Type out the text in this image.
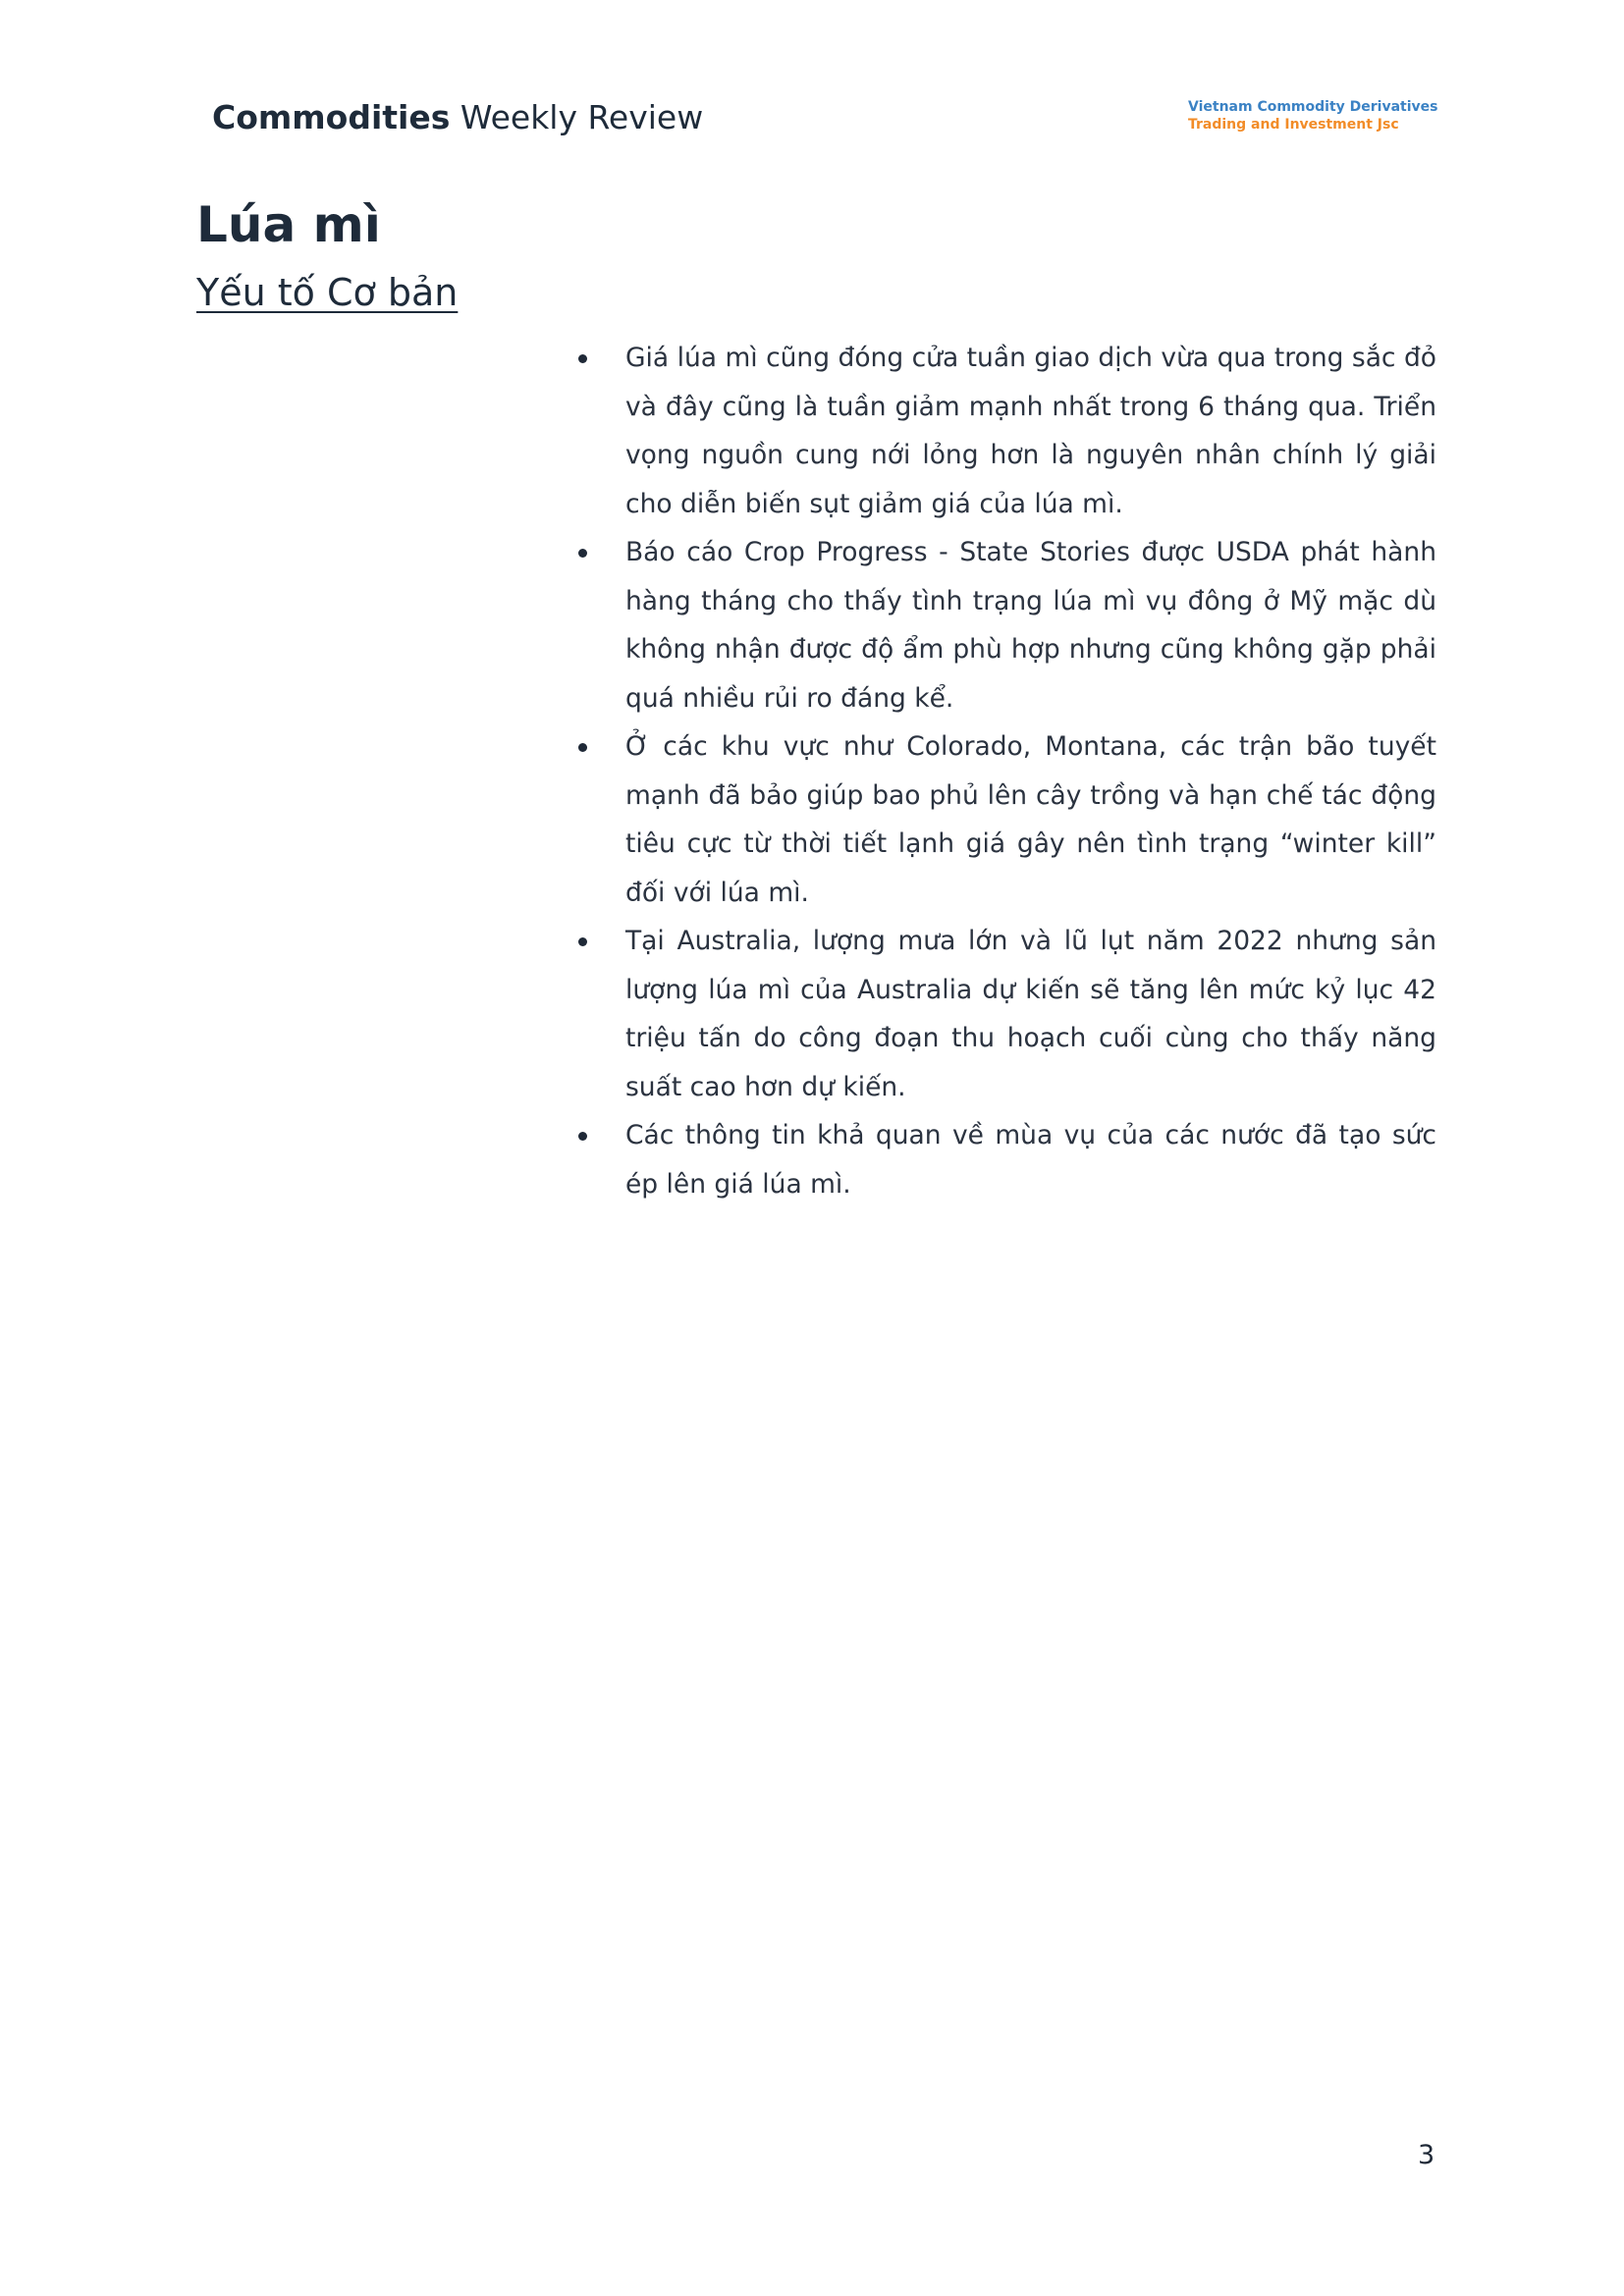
Commodities Weekly Review	Vietnam Commodity Derivatives
Trading and Investment Jsc
Lúa mì
Yếu tố Cơ bản
Giá lúa mì cũng đóng cửa tuần giao dịch vừa qua trong sắc đỏ và đây cũng là tuần giảm mạnh nhất trong 6 tháng qua. Triển vọng nguồn cung nới lỏng hơn là nguyên nhân chính lý giải cho diễn biến sụt giảm giá của lúa mì.
Báo cáo Crop Progress - State Stories được USDA phát hành hàng tháng cho thấy tình trạng lúa mì vụ đông ở Mỹ mặc dù không nhận được độ ẩm phù hợp nhưng cũng không gặp phải quá nhiều rủi ro đáng kể.
Ở các khu vực như Colorado, Montana, các trận bão tuyết mạnh đã bảo giúp bao phủ lên cây trồng và hạn chế tác động tiêu cực từ thời tiết lạnh giá gây nên tình trạng “winter kill” đối với lúa mì.
Tại Australia, lượng mưa lớn và lũ lụt năm 2022 nhưng sản lượng lúa mì của Australia dự kiến sẽ tăng lên mức kỷ lục 42 triệu tấn do công đoạn thu hoạch cuối cùng cho thấy năng suất cao hơn dự kiến.
Các thông tin khả quan về mùa vụ của các nước đã tạo sức ép lên giá lúa mì.
3
